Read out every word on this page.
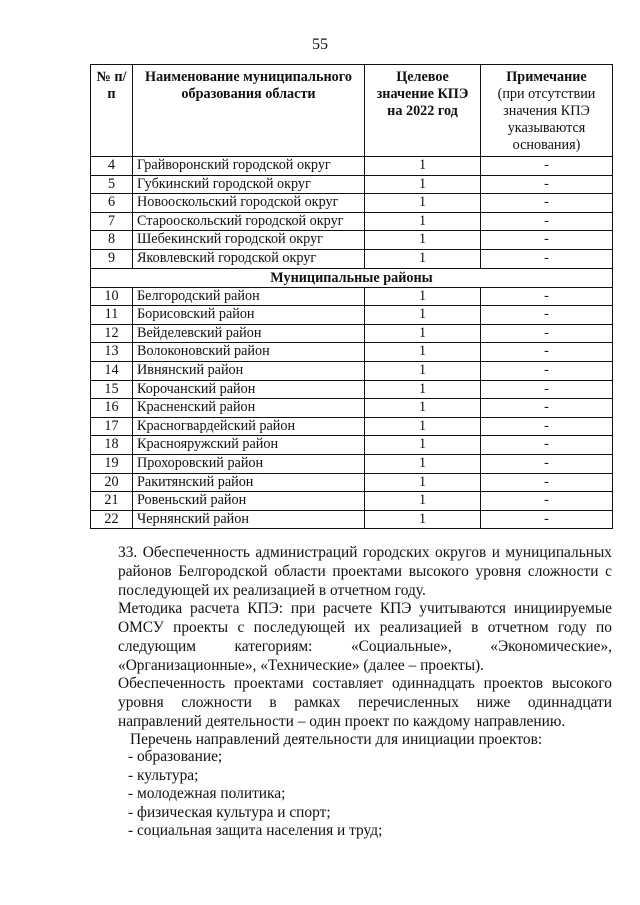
55
№ п/п	Наименование муниципального образования области	Целевое значение КПЭ на 2022 год	Примечание
(при отсутствии значения КПЭ указываются основания)

4	Грайворонский городской округ	1	-
5	Губкинский городской округ	1	-
6	Новооскольский городской округ	1	-
7	Старооскольский городской округ	1	-
8	Шебекинский городской округ	1	-
9	Яковлевский городской округ	1	-
Муниципальные районы			
10	Белгородский район	1	-
11	Борисовский район	1	-
12	Вейделевский район	1	-
13	Волоконовский район	1	-
14	Ивнянский район	1	-
15	Корочанский район	1	-
16	Красненский район	1	-
17	Красногвардейский район	1	-
18	Краснояружский район	1	-
19	Прохоровский район	1	-
20	Ракитянский район	1	-
21	Ровеньский район	1	-
22	Чернянский район	1	-
33. Обеспеченность администраций городских округов и муниципальных районов Белгородской области проектами высокого уровня сложности с последующей их реализацией в отчетном году.
Методика расчета КПЭ: при расчете КПЭ учитываются инициируемые ОМСУ проекты с последующей их реализацией в отчетном году по следующим категориям: «Социальные», «Экономические», «Организационные», «Технические» (далее – проекты).
Обеспеченность проектами составляет одиннадцать проектов высокого уровня сложности в рамках перечисленных ниже одиннадцати направлений деятельности – один проект по каждому направлению.
Перечень направлений деятельности для инициации проектов:
- образование;
- культура;
- молодежная политика;
- физическая культура и спорт;
- социальная защита населения и труд;
